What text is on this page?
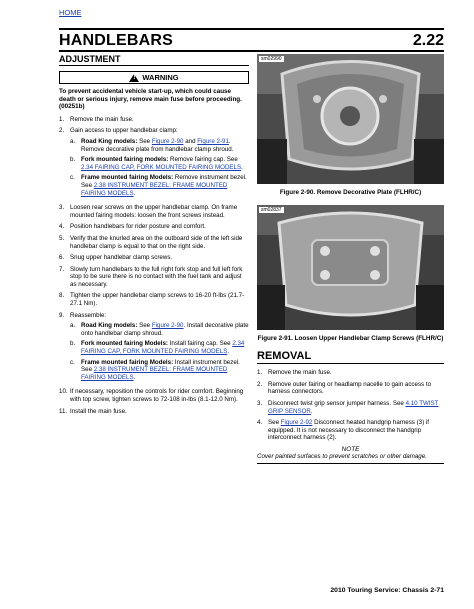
HOME
HANDLEBARS	2.22
ADJUSTMENT
!
WARNING
To prevent accidental vehicle start-up, which could cause death or serious injury, remove main fuse before proceeding. (00251b)
1. Remove the main fuse.
2. Gain access to upper handlebar clamp:
a. Road King models: See Figure 2-90 and Figure 2-91. Remove decorative plate from handlebar clamp shroud.
b. Fork mounted fairing models: Remove fairing cap. See 2.34 FAIRING CAP, FORK MOUNTED FAIRING MODELS.
c. Frame mounted fairing Models: Remove instrument bezel. See 2.38 INSTRUMENT BEZEL: FRAME MOUNTED FAIRING MODELS.
3. Loosen rear screws on the upper handlebar clamp. On frame mounted fairing models: loosen the front screws instead.
4. Position handlebars for rider posture and comfort.
5. Verify that the knurled area on the outboard side of the left side handlebar clamp is equal to that on the right side.
6. Snug upper handlebar clamp screws.
7. Slowly turn handlebars to the full right fork stop and full left fork stop to be sure there is no contact with the fuel tank and adjust as necessary.
8. Tighten the upper handlebar clamp screws to 16-20 ft-lbs (21.7-27.1 Nm).
9. Reassemble:
a. Road King models: See Figure 2-90. Install decorative plate onto handlebar clamp shroud.
b. Fork mounted fairing Models: Install fairing cap. See 2.34 FAIRING CAP, FORK MOUNTED FAIRING MODELS.
c. Frame mounted fairing Models: Install instrument bezel. See 2.38 INSTRUMENT BEZEL: FRAME MOUNTED FAIRING MODELS.
10. If necessary, reposition the controls for rider comfort. Beginning with top screw, tighten screws to 72-108 in-lbs (8.1-12.0 Nm).
11. Install the main fuse.
sm02990
Figure 2-90. Remove Decorative Plate (FLHR/C)
sm02837
Figure 2-91. Loosen Upper Handlebar Clamp Screws (FLHR/C)
REMOVAL
1. Remove the main fuse.
2. Remove outer fairing or headlamp nacelle to gain access to harness connectors.
3. Disconnect twist grip sensor jumper harness. See 4.10 TWIST GRIP SENSOR.
4. See Figure 2-92 Disconnect heated handgrip harness (3) if equipped. It is not necessary to disconnect the handgrip interconnect harness (2).
NOTE
Cover painted surfaces to prevent scratches or other damage.
2010 Touring Service: Chassis 2-71
